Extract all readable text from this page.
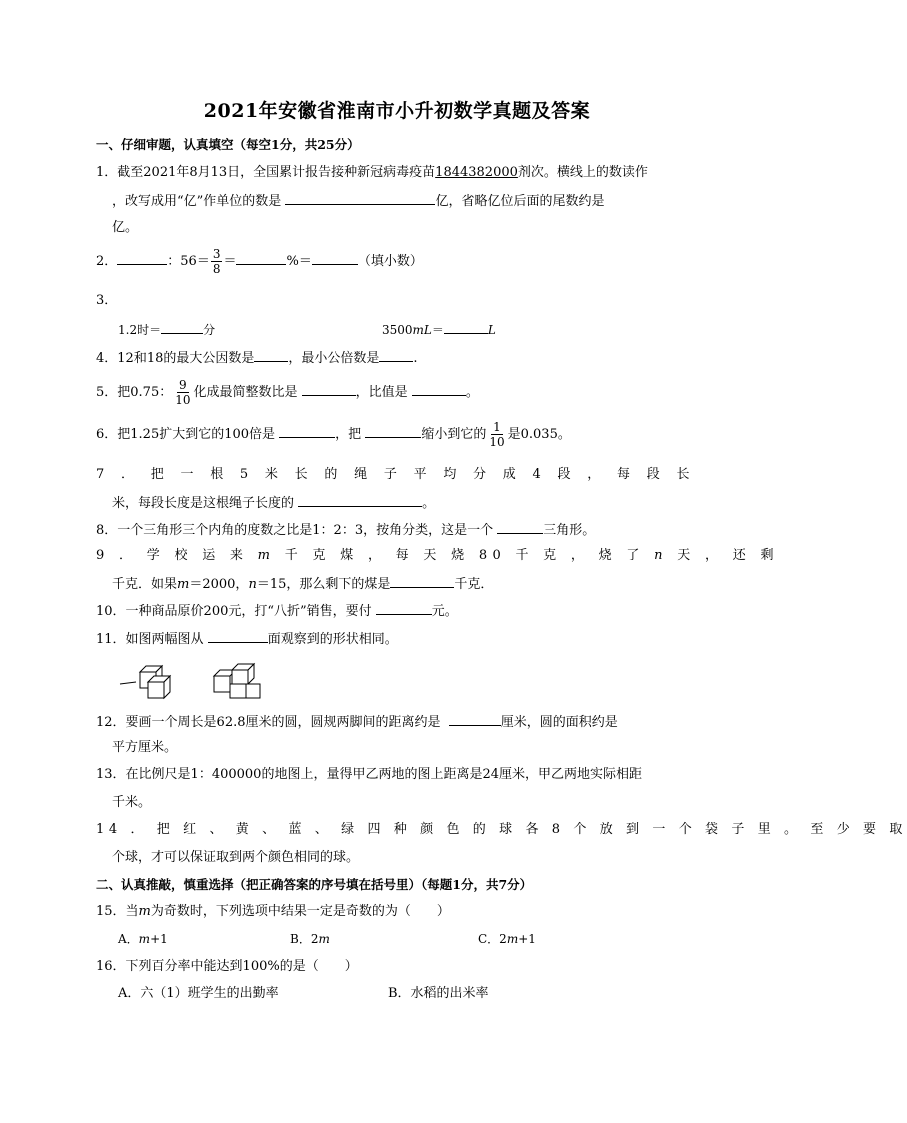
2021年安徽省淮南市小升初数学真题及答案
一、仔细审题，认真填空（每空1分，共25分）
1．截至2021年8月13日，全国累计报告接种新冠病毒疫苗1844382000剂次。横线上的数读作
，改写成用“亿”作单位的数是	亿，省略亿位后面的尾数约是
亿。
2．	：$56= \frac{3}{8}$ ＝	%＝	（填小数）
3．
1.2时＝	分	3500mL＝	L
4．12和18的最大公因数是	，最小公倍数是	.
5．把0.75： $\frac{9}{10}$ 化成最简整数比是	，比值是	。
6．把1.25扩大到它的100倍是	，把	缩小到它的 $\frac{1}{10}$ 是0.035。
7 ． 把 一 根 5 米 长 的 绳 子 平 均 分 成 4 段 ， 每 段 长
米，每段长度是这根绳子长度的	。
8．一个三角形三个内角的度数之比是1：2：3，按角分类，这是一个	三角形。
9 ． 学 校 运 来 m 千 克 煤 ， 每 天 烧 80 千 克 ， 烧 了 n 天 ， 还 剩
千克．如果m＝2000，n＝15，那么剩下的煤是	千克．
10．一种商品原价200元，打“八折”销售，要付	元。
11．如图两幅图从	面观察到的形状相同。
12．要画一个周长是62.8厘米的圆，圆规两脚间的距离约是	厘米，圆的面积约是
平方厘米。
13．在比例尺是1：400000的地图上，量得甲乙两地的图上距离是24厘米，甲乙两地实际相距
千米。
14 ． 把 红 、 黄 、 蓝 、 绿 四 种 颜 色 的 球 各 8 个 放 到 一 个 袋 子 里 。 至 少 要 取
个球，才可以保证取到两个颜色相同的球。
二、认真推敲，慎重选择（把正确答案的序号填在括号里）（每题1分，共7分）
15．当m为奇数时，下列选项中结果一定是奇数的为（　　）
A．m+1	B．2m	C．2m+1
16．下列百分率中能达到100%的是（　　）
A．六（1）班学生的出勤率	B．水稻的出米率
